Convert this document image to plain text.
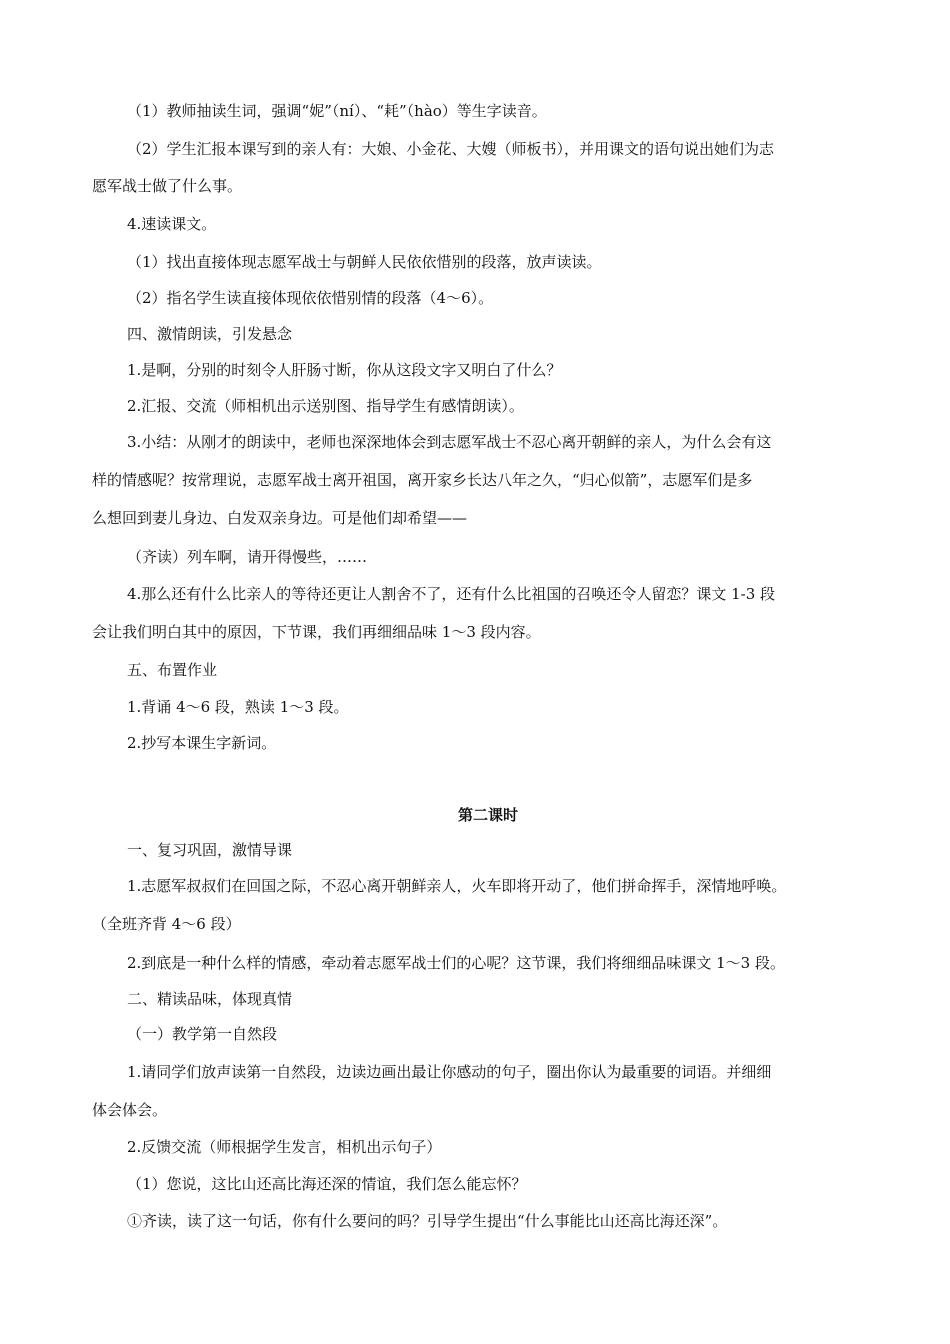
（1）教师抽读生词，强调“妮”（ní）、“耗”（hào）等生字读音。
（2）学生汇报本课写到的亲人有：大娘、小金花、大嫂（师板书），并用课文的语句说出她们为志
愿军战士做了什么事。
4.速读课文。
（1）找出直接体现志愿军战士与朝鲜人民依依惜别的段落，放声读读。
（2）指名学生读直接体现依依惜别情的段落（4～6）。
四、激情朗读，引发悬念
1.是啊，分别的时刻令人肝肠寸断，你从这段文字又明白了什么？
2.汇报、交流（师相机出示送别图、指导学生有感情朗读）。
3.小结：从刚才的朗读中，老师也深深地体会到志愿军战士不忍心离开朝鲜的亲人，为什么会有这
样的情感呢？按常理说，志愿军战士离开祖国，离开家乡长达八年之久，“归心似箭”，志愿军们是多
么想回到妻儿身边、白发双亲身边。可是他们却希望——
（齐读）列车啊，请开得慢些，……
4.那么还有什么比亲人的等待还更让人割舍不了，还有什么比祖国的召唤还令人留恋？课文 1-3 段
会让我们明白其中的原因，下节课，我们再细细品味 1～3 段内容。
五、布置作业
1.背诵 4～6 段，熟读 1～3 段。
2.抄写本课生字新词。
第二课时
一、复习巩固，激情导课
1.志愿军叔叔们在回国之际，不忍心离开朝鲜亲人，火车即将开动了，他们拼命挥手，深情地呼唤。
（全班齐背 4～6 段）
2.到底是一种什么样的情感，牵动着志愿军战士们的心呢？这节课，我们将细细品味课文 1～3 段。
二、精读品味，体现真情
（一）教学第一自然段
1.请同学们放声读第一自然段，边读边画出最让你感动的句子，圈出你认为最重要的词语。并细细
体会体会。
2.反馈交流（师根据学生发言，相机出示句子）
（1）您说，这比山还高比海还深的情谊，我们怎么能忘怀？
①齐读，读了这一句话，你有什么要问的吗？引导学生提出“什么事能比山还高比海还深”。
